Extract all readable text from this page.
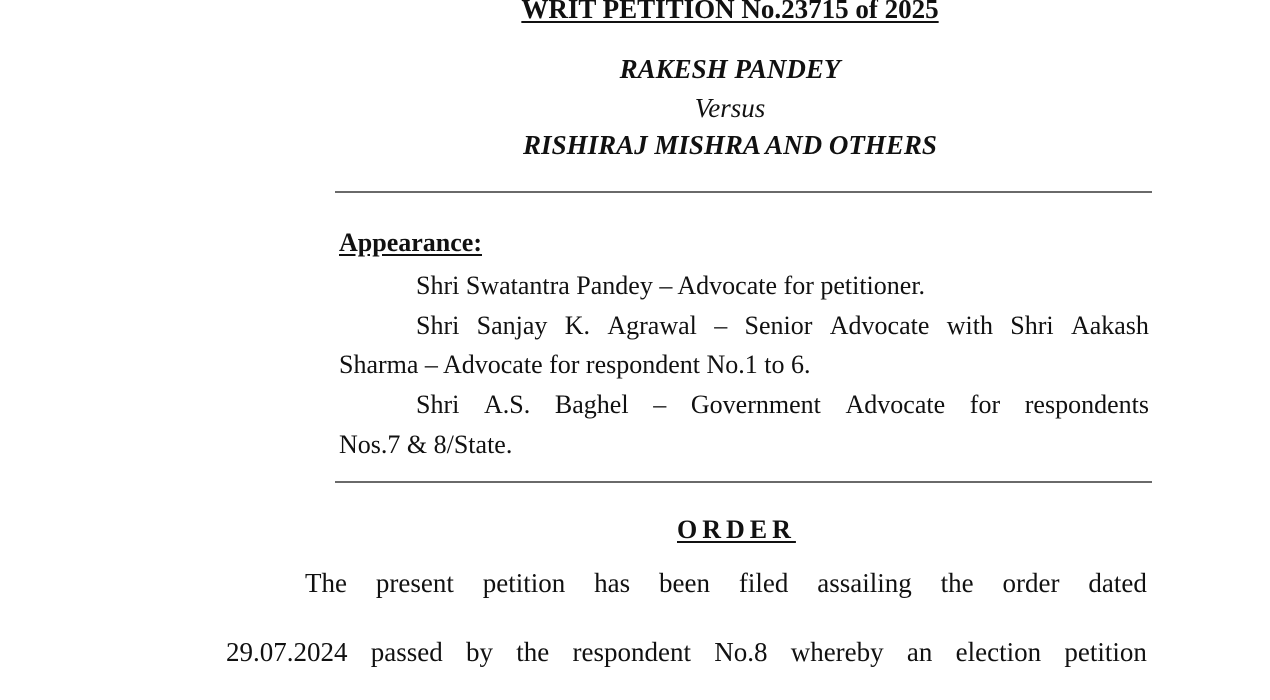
WRIT PETITION No.23715 of 2025
RAKESH PANDEY
Versus
RISHIRAJ MISHRA AND OTHERS
Appearance:
Shri Swatantra Pandey – Advocate for petitioner.
Shri Sanjay K. Agrawal – Senior Advocate with Shri Aakash
Sharma – Advocate for respondent No.1 to 6.
Shri A.S. Baghel – Government Advocate for respondents
Nos.7 & 8/State.
ORDER
The present petition has been filed assailing the order dated
29.07.2024 passed by the respondent No.8 whereby an election petition
